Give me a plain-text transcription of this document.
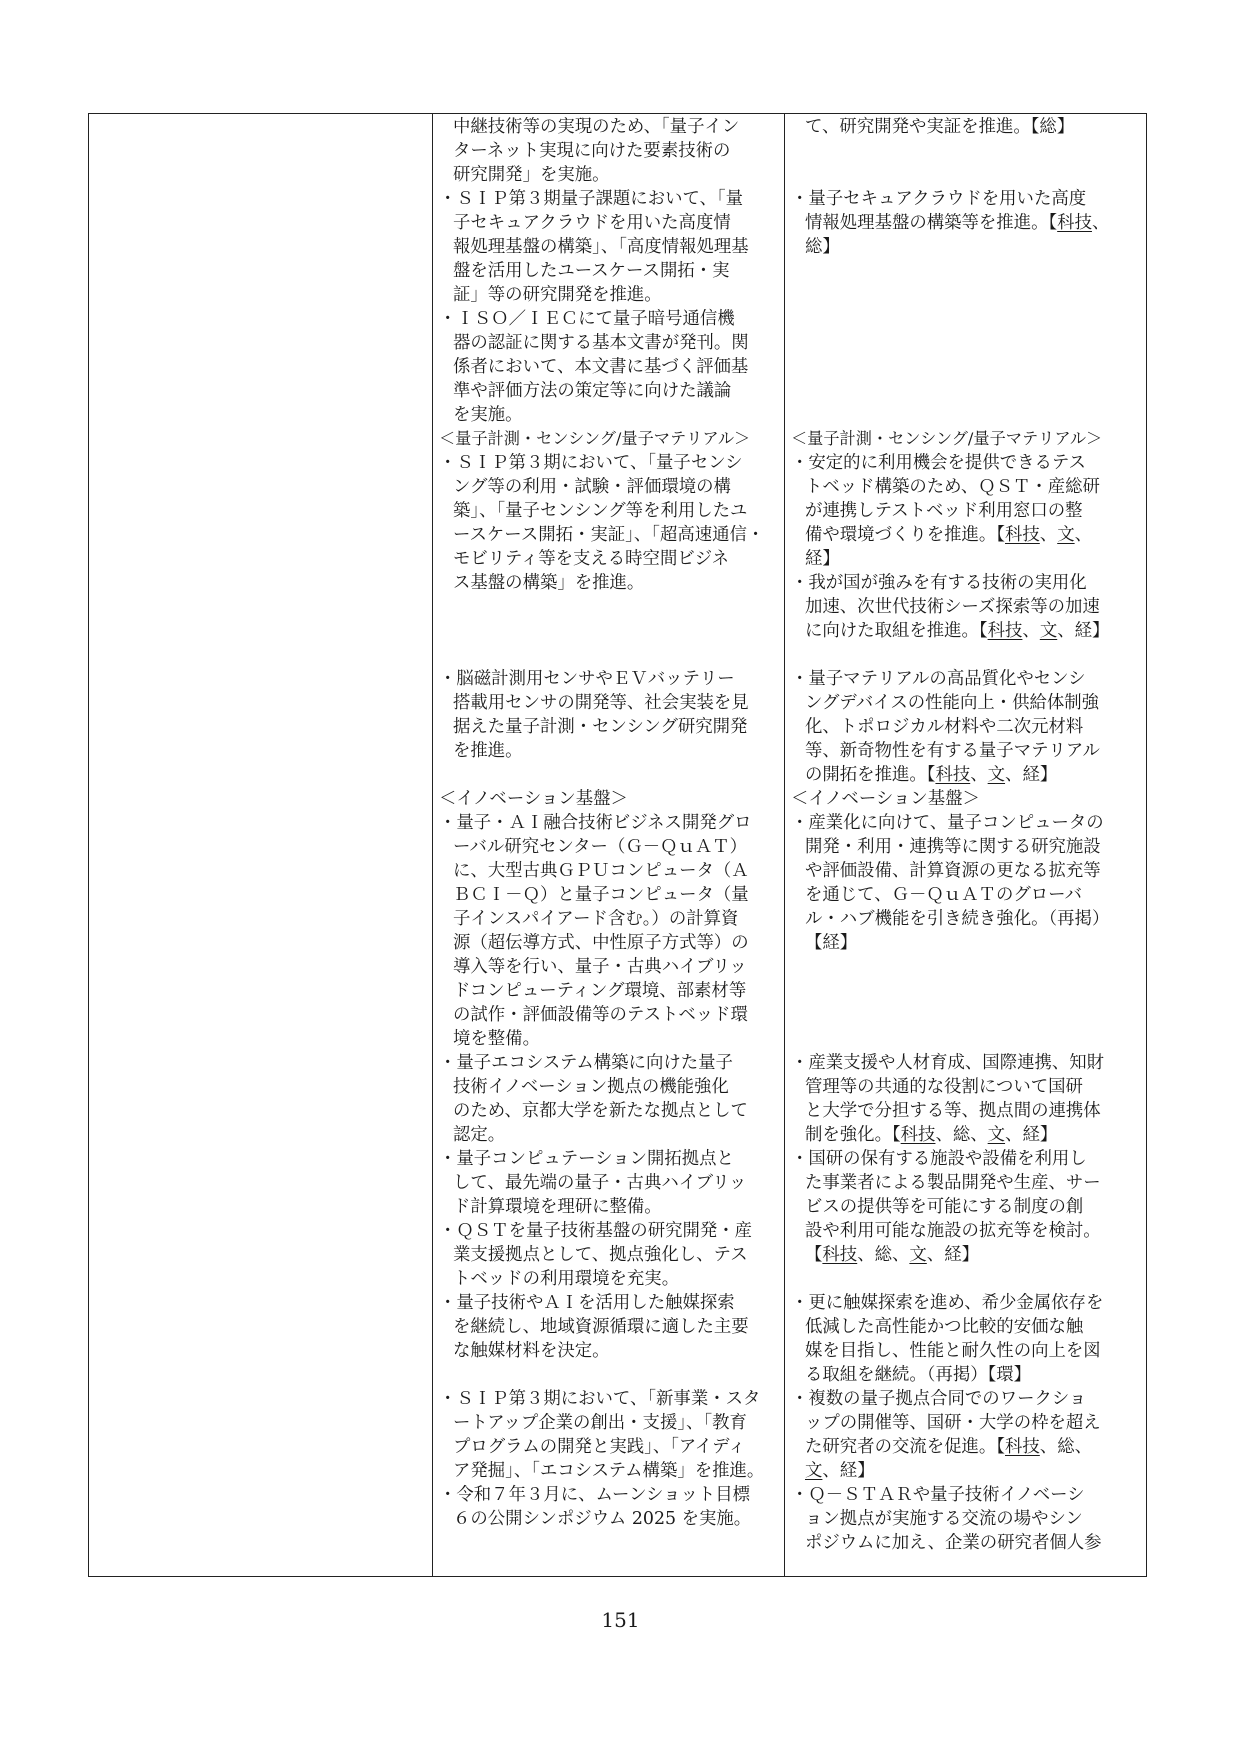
中継技術等の実現のため、「量子イン
ターネット実現に向けた要素技術の
研究開発」を実施。
・ＳＩＰ第３期量子課題において、「量
子セキュアクラウドを用いた高度情
報処理基盤の構築」、「高度情報処理基
盤を活用したユースケース開拓・実
証」等の研究開発を推進。
・ＩＳＯ／ＩＥＣにて量子暗号通信機
器の認証に関する基本文書が発刊。関
係者において、本文書に基づく評価基
準や評価方法の策定等に向けた議論
を実施。
＜量子計測・センシング/量子マテリアル＞
・ＳＩＰ第３期において、「量子センシ
ング等の利用・試験・評価環境の構
築」、「量子センシング等を利用したユ
ースケース開拓・実証」、「超高速通信・
モビリティ等を支える時空間ビジネ
ス基盤の構築」を推進。
・脳磁計測用センサやＥＶバッテリー
搭載用センサの開発等、社会実装を見
据えた量子計測・センシング研究開発
を推進。
＜イノベーション基盤＞
・量子・ＡＩ融合技術ビジネス開発グロ
ーバル研究センター（Ｇ－ＱｕＡＴ）
に、大型古典ＧＰＵコンピュータ（Ａ
ＢＣＩ－Ｑ）と量子コンピュータ（量
子インスパイアード含む。）の計算資
源（超伝導方式、中性原子方式等）の
導入等を行い、量子・古典ハイブリッ
ドコンピューティング環境、部素材等
の試作・評価設備等のテストベッド環
境を整備。
・量子エコシステム構築に向けた量子
技術イノベーション拠点の機能強化
のため、京都大学を新たな拠点として
認定。
・量子コンピュテーション開拓拠点と
して、最先端の量子・古典ハイブリッ
ド計算環境を理研に整備。
・ＱＳＴを量子技術基盤の研究開発・産
業支援拠点として、拠点強化し、テス
トベッドの利用環境を充実。
・量子技術やＡＩを活用した触媒探索
を継続し、地域資源循環に適した主要
な触媒材料を決定。
・ＳＩＰ第３期において、「新事業・スタ
ートアップ企業の創出・支援」、「教育
プログラムの開発と実践」、「アイディ
ア発掘」、「エコシステム構築」を推進。
・令和７年３月に、ムーンショット目標
６の公開シンポジウム 2025 を実施。
て、研究開発や実証を推進。【総】
・量子セキュアクラウドを用いた高度
情報処理基盤の構築等を推進。【科技、
総】
＜量子計測・センシング/量子マテリアル＞
・安定的に利用機会を提供できるテス
トベッド構築のため、ＱＳＴ・産総研
が連携しテストベッド利用窓口の整
備や環境づくりを推進。【科技、文、
経】
・我が国が強みを有する技術の実用化
加速、次世代技術シーズ探索等の加速
に向けた取組を推進。【科技、文、経】
・量子マテリアルの高品質化やセンシ
ングデバイスの性能向上・供給体制強
化、トポロジカル材料や二次元材料
等、新奇物性を有する量子マテリアル
の開拓を推進。【科技、文、経】
＜イノベーション基盤＞
・産業化に向けて、量子コンピュータの
開発・利用・連携等に関する研究施設
や評価設備、計算資源の更なる拡充等
を通じて、Ｇ－ＱｕＡＴのグローバ
ル・ハブ機能を引き続き強化。（再掲）
【経】
・産業支援や人材育成、国際連携、知財
管理等の共通的な役割について国研
と大学で分担する等、拠点間の連携体
制を強化。【科技、総、文、経】
・国研の保有する施設や設備を利用し
た事業者による製品開発や生産、サー
ビスの提供等を可能にする制度の創
設や利用可能な施設の拡充等を検討。
【科技、総、文、経】
・更に触媒探索を進め、希少金属依存を
低減した高性能かつ比較的安価な触
媒を目指し、性能と耐久性の向上を図
る取組を継続。（再掲）【環】
・複数の量子拠点合同でのワークショ
ップの開催等、国研・大学の枠を超え
た研究者の交流を促進。【科技、総、
文、経】
・Ｑ－ＳＴＡＲや量子技術イノベーシ
ョン拠点が実施する交流の場やシン
ポジウムに加え、企業の研究者個人参
151
